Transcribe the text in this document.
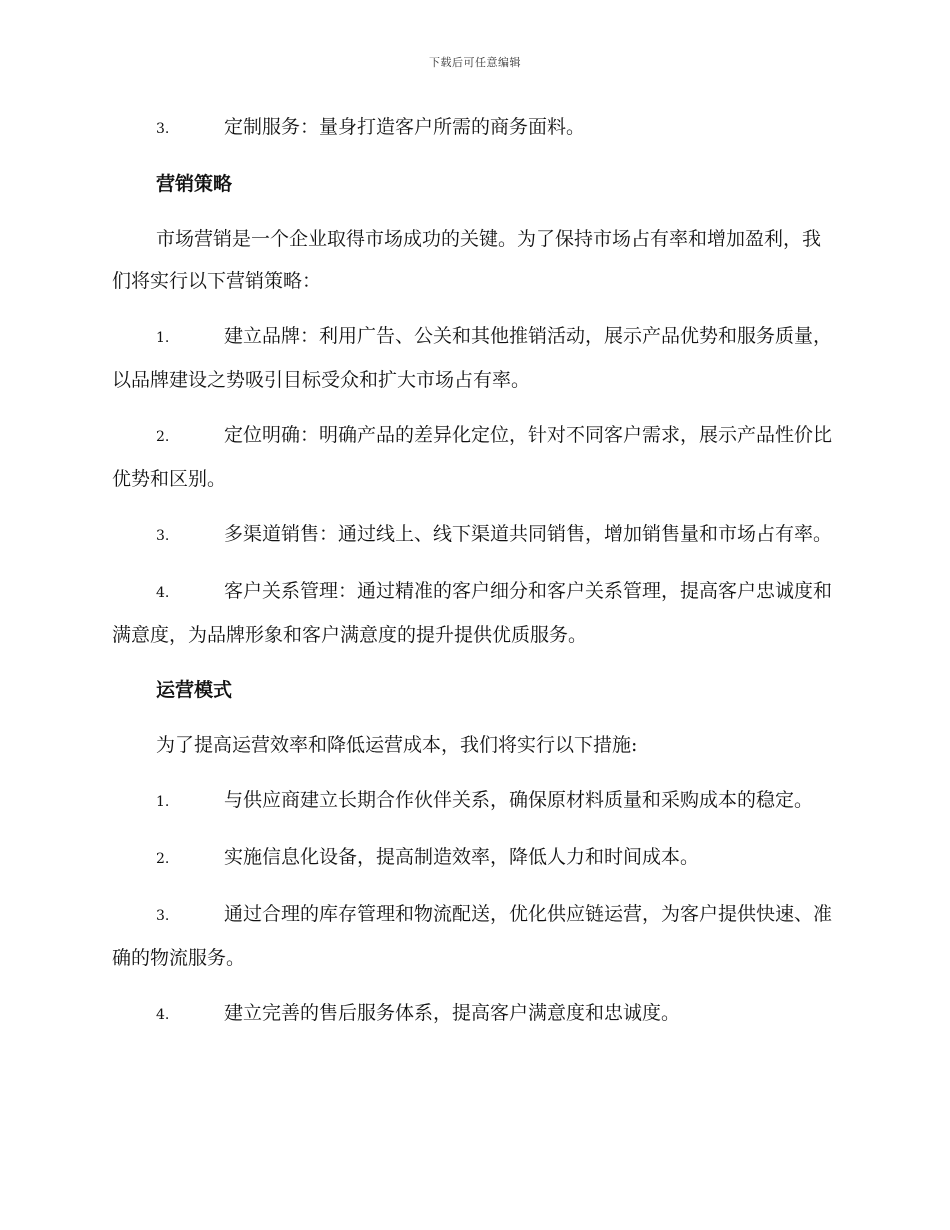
下载后可任意编辑

3.	定制服务：量身打造客户所需的商务面料。

营销策略

市场营销是一个企业取得市场成功的关键。为了保持市场占有率和增加盈利，我们将实行以下营销策略：

1.	建立品牌：利用广告、公关和其他推销活动，展示产品优势和服务质量，以品牌建设之势吸引目标受众和扩大市场占有率。

2.	定位明确：明确产品的差异化定位，针对不同客户需求，展示产品性价比优势和区别。

3.	多渠道销售：通过线上、线下渠道共同销售，增加销售量和市场占有率。

4.	客户关系管理：通过精准的客户细分和客户关系管理，提高客户忠诚度和满意度，为品牌形象和客户满意度的提升提供优质服务。

运营模式

为了提高运营效率和降低运营成本，我们将实行以下措施:

1.	与供应商建立长期合作伙伴关系，确保原材料质量和采购成本的稳定。

2.	实施信息化设备，提高制造效率，降低人力和时间成本。

3.	通过合理的库存管理和物流配送，优化供应链运营，为客户提供快速、准确的物流服务。

4.	建立完善的售后服务体系，提高客户满意度和忠诚度。
